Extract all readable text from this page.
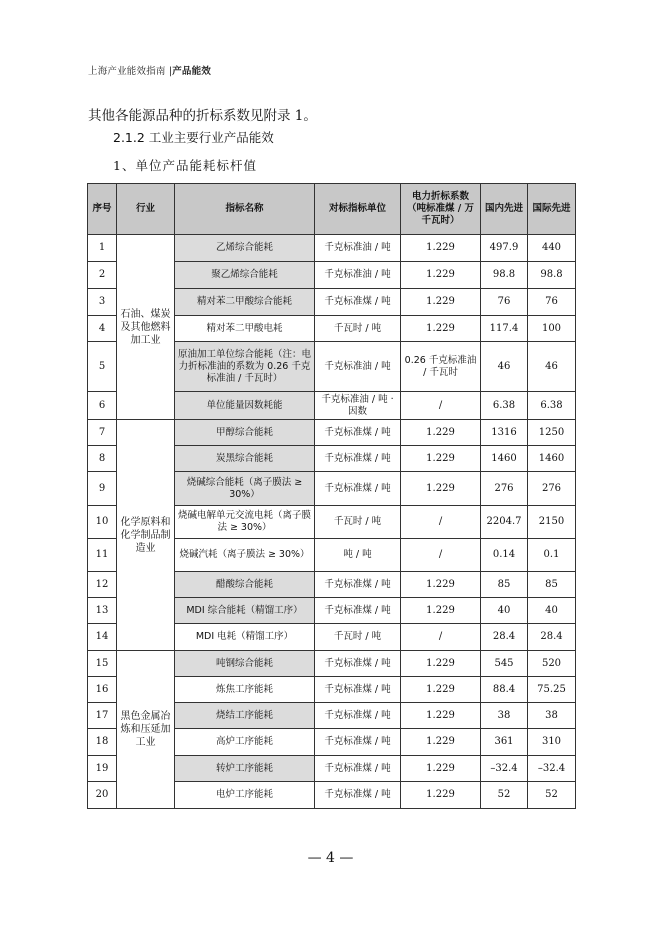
上海产业能效指南 |产品能效
其他各能源品种的折标系数见附录 1。
2.1.2 工业主要行业产品能效
1、单位产品能耗标杆值
序号	行业	指标名称	对标指标单位	电力折标系数（吨标准煤 / 万千瓦时）	国内先进	国际先进
1	石油、煤炭及其他燃料加工业	乙烯综合能耗	千克标准油 / 吨	1.229	497.9	440
2		聚乙烯综合能耗	千克标准油 / 吨	1.229	98.8	98.8
3		精对苯二甲酸综合能耗	千克标准煤 / 吨	1.229	76	76
4		精对苯二甲酸电耗	千瓦时 / 吨	1.229	117.4	100
5		原油加工单位综合能耗（注：电力折标准油的系数为 0.26 千克标准油 / 千瓦时）	千克标准油 / 吨	0.26 千克标准油 / 千瓦时	46	46
6		单位能量因数耗能	千克标准油 / 吨 · 因数	/	6.38	6.38
7	化学原料和化学制品制造业	甲醇综合能耗	千克标准煤 / 吨	1.229	1316	1250
8		炭黑综合能耗	千克标准煤 / 吨	1.229	1460	1460
9		烧碱综合能耗（离子膜法 ≥ 30%）	千克标准煤 / 吨	1.229	276	276
10		烧碱电解单元交流电耗（离子膜法 ≥ 30%）	千瓦时 / 吨	/	2204.7	2150
11		烧碱汽耗（离子膜法 ≥ 30%）	吨 / 吨	/	0.14	0.1
12		醋酸综合能耗	千克标准煤 / 吨	1.229	85	85
13		MDI 综合能耗（精馏工序）	千克标准煤 / 吨	1.229	40	40
14		MDI 电耗（精馏工序）	千瓦时 / 吨	/	28.4	28.4
15	黑色金属冶炼和压延加工业	吨钢综合能耗	千克标准煤 / 吨	1.229	545	520
16		炼焦工序能耗	千克标准煤 / 吨	1.229	88.4	75.25
17		烧结工序能耗	千克标准煤 / 吨	1.229	38	38
18		高炉工序能耗	千克标准煤 / 吨	1.229	361	310
19		转炉工序能耗	千克标准煤 / 吨	1.229	–32.4	–32.4
20		电炉工序能耗	千克标准煤 / 吨	1.229	52	52
— 4 —
